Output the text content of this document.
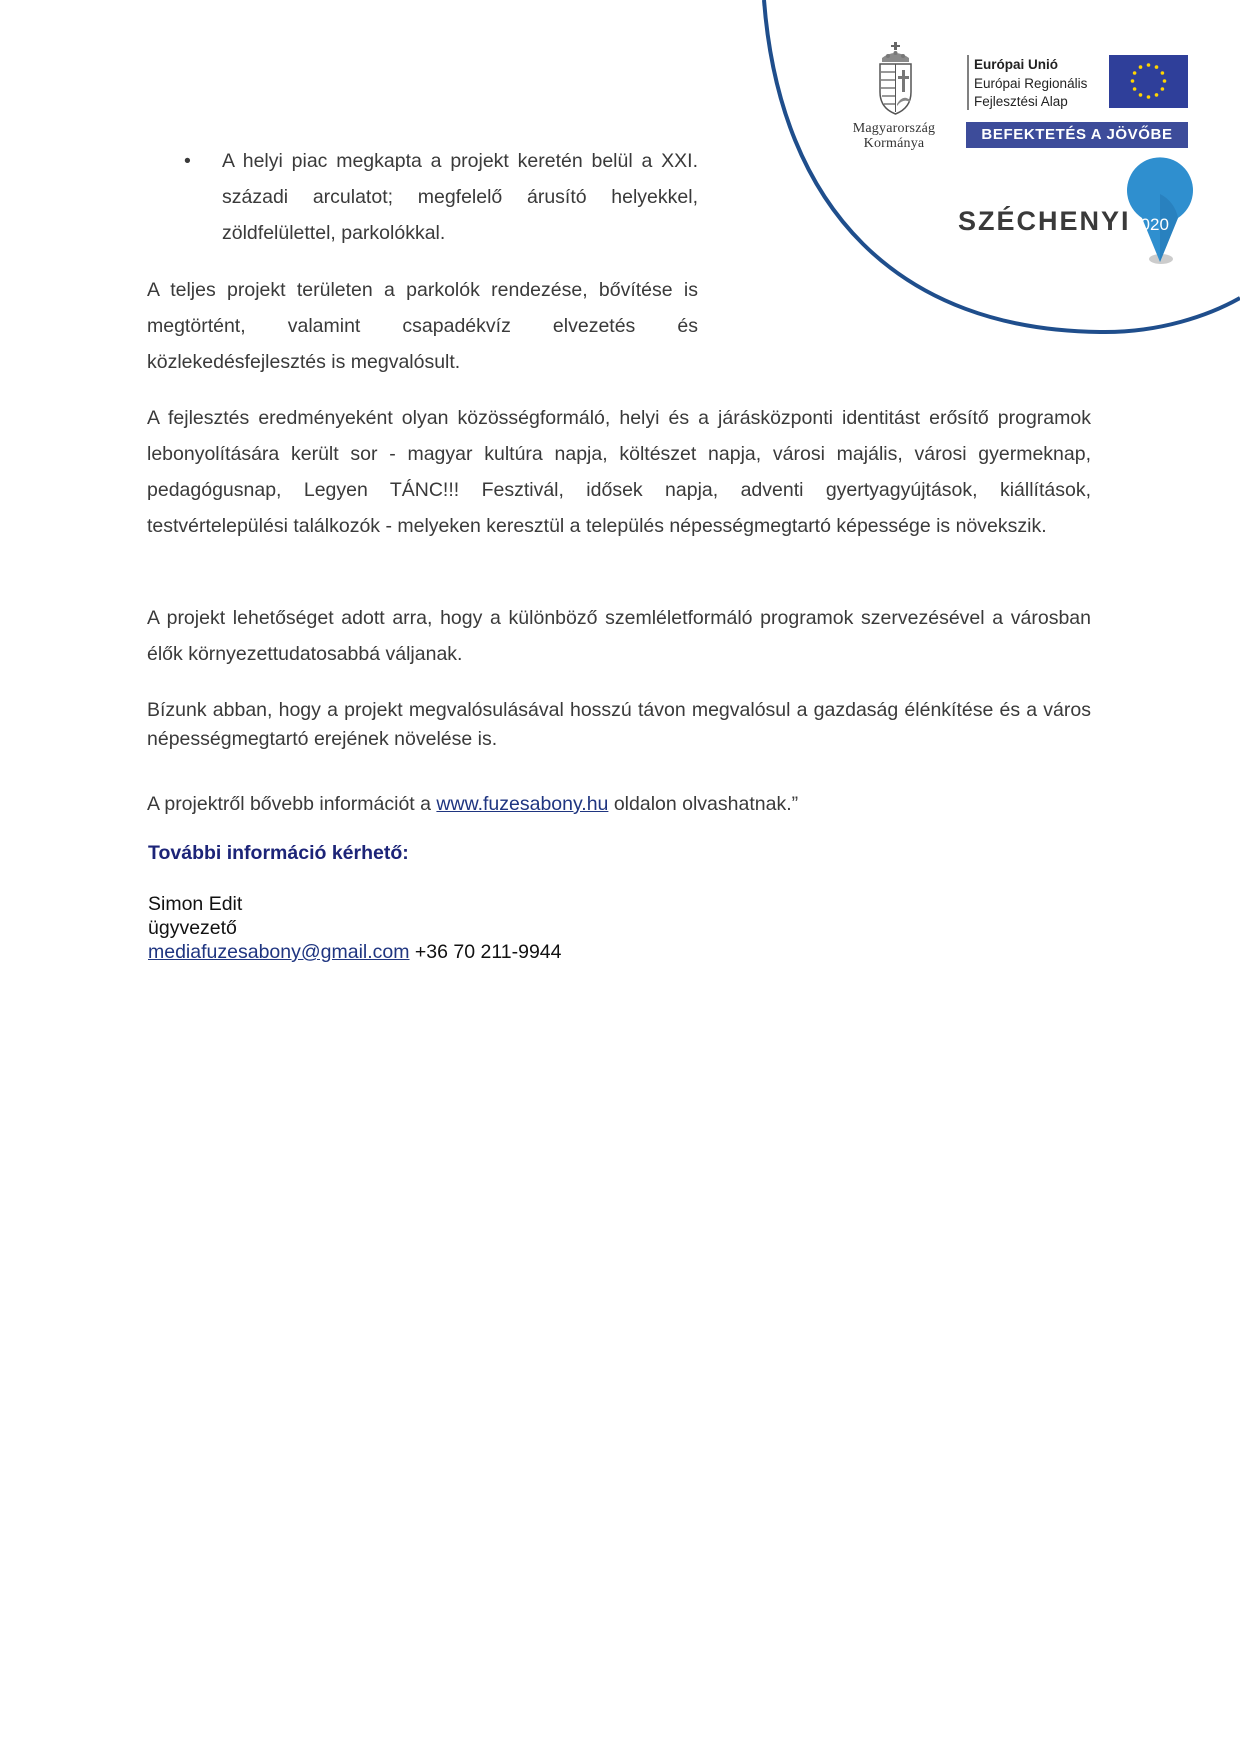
2020
Magyarország
Kormánya
Európai Unió
Európai Regionális
Fejlesztési Alap
BEFEKTETÉS A JÖVŐBE
SZÉCHENYI
• A helyi piac megkapta a projekt keretén belül a XXI. századi arculatot; megfelelő árusító helyekkel, zöldfelülettel, parkolókkal.
A teljes projekt területen a parkolók rendezése, bővítése is megtörtént, valamint csapadékvíz elvezetés és közlekedésfejlesztés is megvalósult.
A fejlesztés eredményeként olyan közösségformáló, helyi és a járásközponti identitást erősítő programok lebonyolítására került sor - magyar kultúra napja, költészet napja, városi majális, városi gyermeknap, pedagógusnap, Legyen TÁNC!!! Fesztivál, idősek napja, adventi gyertyagyújtások, kiállítások, testvértelepülési találkozók - melyeken keresztül a település népességmegtartó képessége is növekszik.
A projekt lehetőséget adott arra, hogy a különböző szemléletformáló programok szervezésével a városban élők környezettudatosabbá váljanak.
Bízunk abban, hogy a projekt megvalósulásával hosszú távon megvalósul a gazdaság élénkítése és a város népességmegtartó erejének növelése is.
A projektről bővebb információt a www.fuzesabony.hu oldalon olvashatnak.”
További információ kérhető:
Simon Edit
ügyvezető
mediafuzesabony@gmail.com +36 70 211-9944
